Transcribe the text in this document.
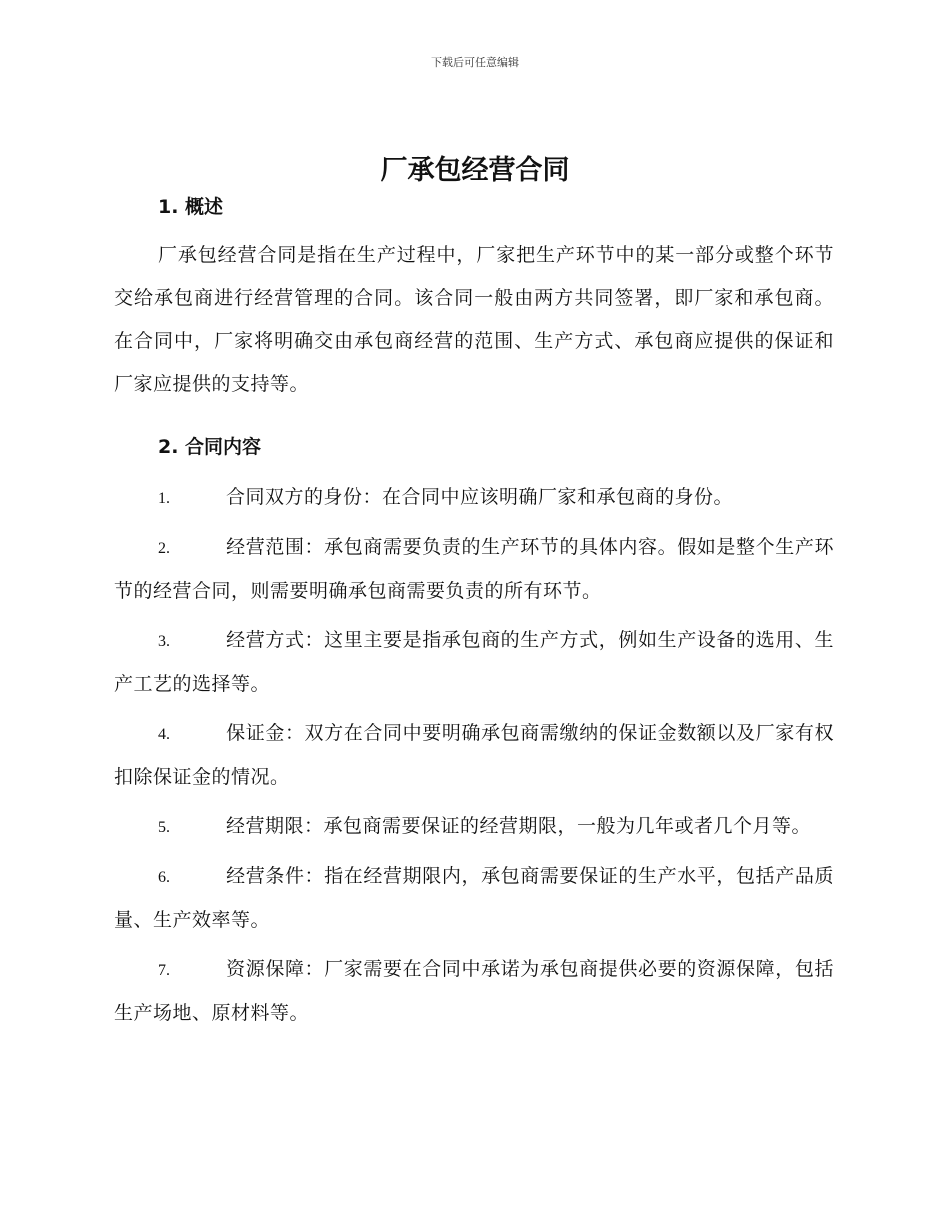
下载后可任意编辑
厂承包经营合同
1. 概述

厂承包经营合同是指在生产过程中，厂家把生产环节中的某一部分或整个环节交给承包商进行经营管理的合同。该合同一般由两方共同签署，即厂家和承包商。在合同中，厂家将明确交由承包商经营的范围、生产方式、承包商应提供的保证和厂家应提供的支持等。

2. 合同内容
1.	合同双方的身份：在合同中应该明确厂家和承包商的身份。
2.	经营范围：承包商需要负责的生产环节的具体内容。假如是整个生产环节的经营合同，则需要明确承包商需要负责的所有环节。
3.	经营方式：这里主要是指承包商的生产方式，例如生产设备的选用、生产工艺的选择等。
4.	保证金：双方在合同中要明确承包商需缴纳的保证金数额以及厂家有权扣除保证金的情况。
5.	经营期限：承包商需要保证的经营期限，一般为几年或者几个月等。
6.	经营条件：指在经营期限内，承包商需要保证的生产水平，包括产品质量、生产效率等。
7.	资源保障：厂家需要在合同中承诺为承包商提供必要的资源保障，包括生产场地、原材料等。
